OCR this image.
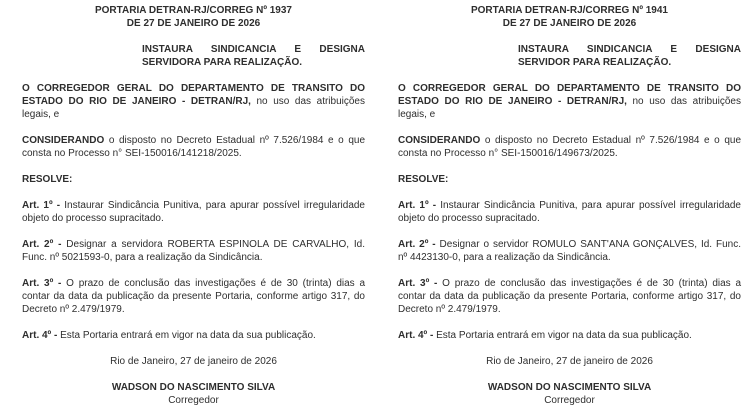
PORTARIA DETRAN-RJ/CORREG Nº 1937
DE 27 DE JANEIRO DE 2026

INSTAURA SINDICANCIA E DESIGNA SERVIDORA PARA REALIZAÇÃO.

O CORREGEDOR GERAL DO DEPARTAMENTO DE TRANSITO DO ESTADO DO RIO DE JANEIRO - DETRAN/RJ, no uso das atribuições legais, e

CONSIDERANDO o disposto no Decreto Estadual nº 7.526/1984 e o que consta no Processo n° SEI-150016/141218/2025.

RESOLVE:

Art. 1º - Instaurar Sindicância Punitiva, para apurar possível irregularidade objeto do processo supracitado.

Art. 2º - Designar a servidora ROBERTA ESPINOLA DE CARVALHO, Id. Func. nº 5021593-0, para a realização da Sindicância.

Art. 3º - O prazo de conclusão das investigações é de 30 (trinta) dias a contar da data da publicação da presente Portaria, conforme artigo 317, do Decreto nº 2.479/1979.

Art. 4º - Esta Portaria entrará em vigor na data da sua publicação.

Rio de Janeiro, 27 de janeiro de 2026

WADSON DO NASCIMENTO SILVA
Corregedor
PORTARIA DETRAN-RJ/CORREG Nº 1941
DE 27 DE JANEIRO DE 2026

INSTAURA SINDICANCIA E DESIGNA SERVIDOR PARA REALIZAÇÃO.

O CORREGEDOR GERAL DO DEPARTAMENTO DE TRANSITO DO ESTADO DO RIO DE JANEIRO - DETRAN/RJ, no uso das atribuições legais, e

CONSIDERANDO o disposto no Decreto Estadual nº 7.526/1984 e o que consta no Processo n° SEI-150016/149673/2025.

RESOLVE:

Art. 1º - Instaurar Sindicância Punitiva, para apurar possível irregularidade objeto do processo supracitado.

Art. 2º - Designar o servidor ROMULO SANT'ANA GONÇALVES, Id. Func. nº 4423130-0, para a realização da Sindicância.

Art. 3º - O prazo de conclusão das investigações é de 30 (trinta) dias a contar da data da publicação da presente Portaria, conforme artigo 317, do Decreto nº 2.479/1979.

Art. 4º - Esta Portaria entrará em vigor na data da sua publicação.

Rio de Janeiro, 27 de janeiro de 2026

WADSON DO NASCIMENTO SILVA
Corregedor
